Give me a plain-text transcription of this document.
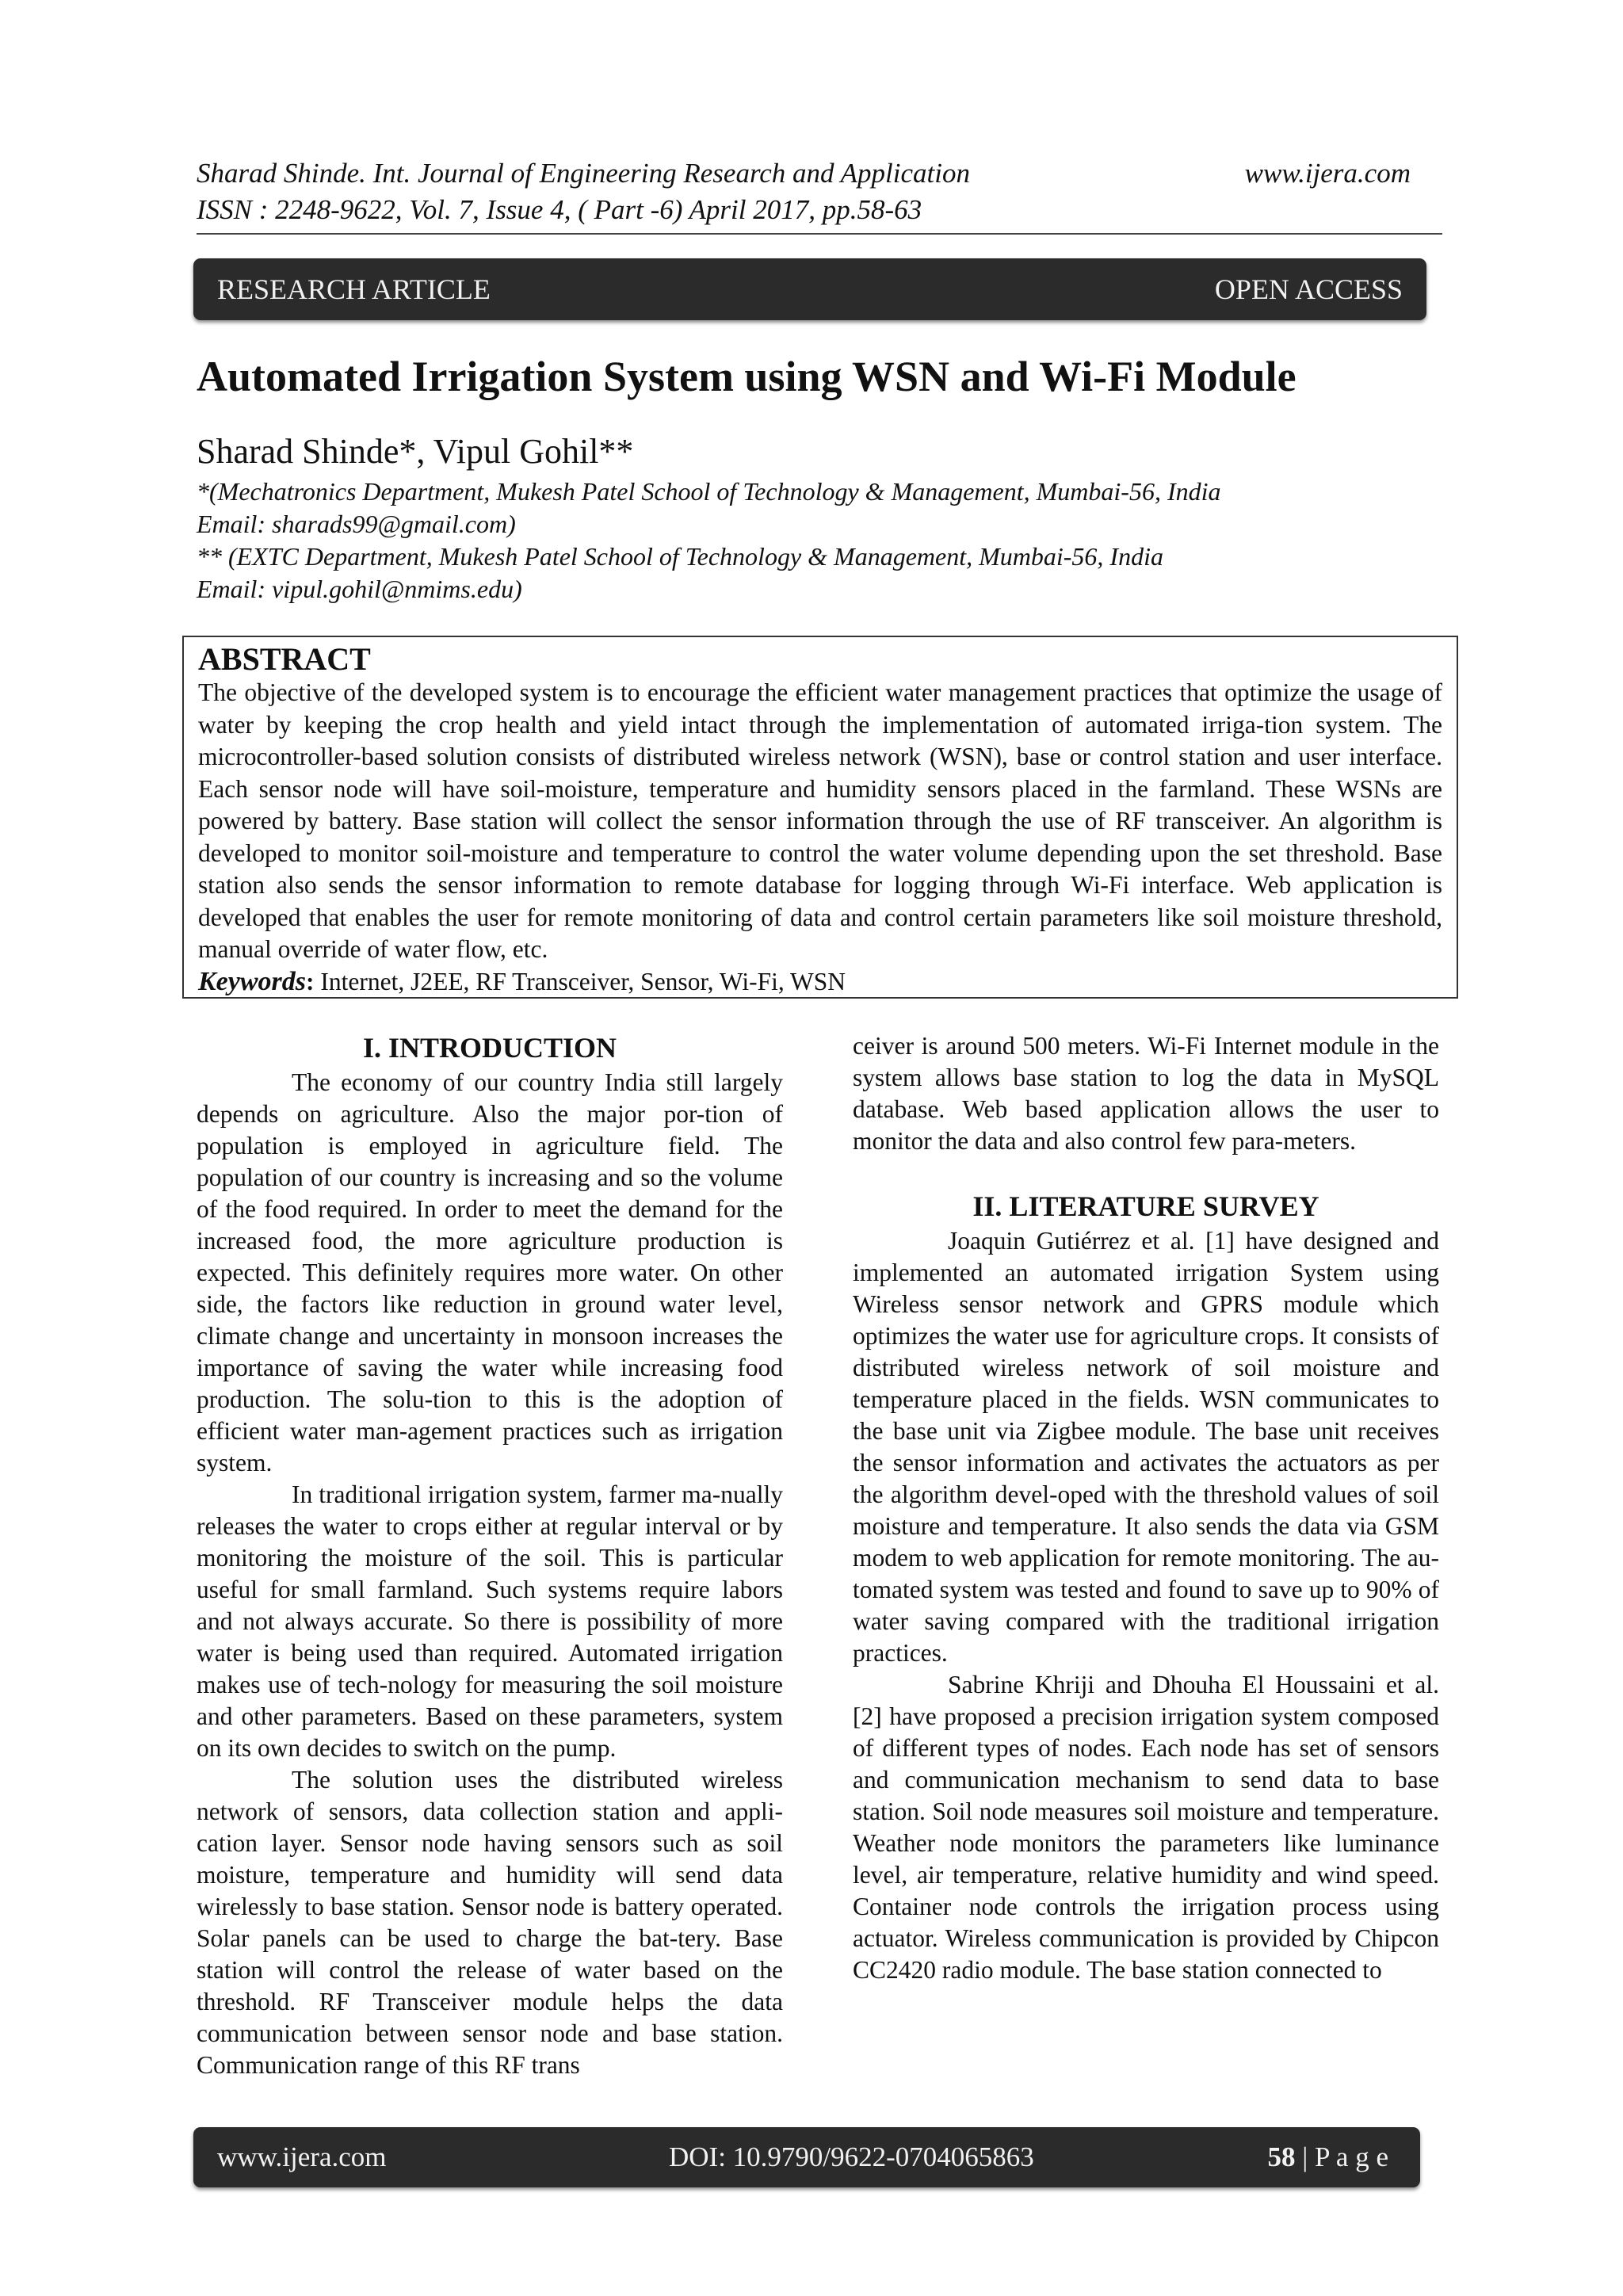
Sharad Shinde. Int. Journal of Engineering Research and Application	www.ijera.com
ISSN : 2248-9622, Vol. 7, Issue 4, ( Part -6) April 2017, pp.58-63
RESEARCH ARTICLE	OPEN ACCESS
Automated Irrigation System using WSN and Wi-Fi Module
Sharad Shinde*, Vipul Gohil**
*(Mechatronics Department, Mukesh Patel School of Technology & Management, Mumbai-56, India
Email: sharads99@gmail.com)
** (EXTC Department, Mukesh Patel School of Technology & Management, Mumbai-56, India
Email: vipul.gohil@nmims.edu)
ABSTRACT

The objective of the developed system is to encourage the efficient water management practices that optimize the usage of water by keeping the crop health and yield intact through the implementation of automated irriga-tion system. The microcontroller-based solution consists of distributed wireless network (WSN), base or control station and user interface. Each sensor node will have soil-moisture, temperature and humidity sensors placed in the farmland. These WSNs are powered by battery. Base station will collect the sensor information through the use of RF transceiver. An algorithm is developed to monitor soil-moisture and temperature to control the water volume depending upon the set threshold. Base station also sends the sensor information to remote database for logging through Wi-Fi interface. Web application is developed that enables the user for remote monitoring of data and control certain parameters like soil moisture threshold, manual override of water flow, etc.

Keywords: Internet, J2EE, RF Transceiver, Sensor, Wi-Fi, WSN
I. INTRODUCTION

The economy of our country India still largely depends on agriculture. Also the major por-tion of population is employed in agriculture field. The population of our country is increasing and so the volume of the food required. In order to meet the demand for the increased food, the more agriculture production is expected. This definitely requires more water. On other side, the factors like reduction in ground water level, climate change and uncertainty in monsoon increases the importance of saving the water while increasing food production. The solu-tion to this is the adoption of efficient water man-agement practices such as irrigation system.

In traditional irrigation system, farmer ma-nually releases the water to crops either at regular interval or by monitoring the moisture of the soil. This is particular useful for small farmland. Such systems require labors and not always accurate. So there is possibility of more water is being used than required. Automated irrigation makes use of tech-nology for measuring the soil moisture and other parameters. Based on these parameters, system on its own decides to switch on the pump.

The solution uses the distributed wireless network of sensors, data collection station and appli-cation layer. Sensor node having sensors such as soil moisture, temperature and humidity will send data wirelessly to base station. Sensor node is battery operated. Solar panels can be used to charge the bat-tery. Base station will control the release of water based on the threshold. RF Transceiver module helps the data communication between sensor node and base station. Communication range of this RF trans

ceiver is around 500 meters. Wi-Fi Internet module in the system allows base station to log the data in MySQL database. Web based application allows the user to monitor the data and also control few para-meters.

II. LITERATURE SURVEY

Joaquin Gutiérrez et al. [1] have designed and implemented an automated irrigation System using Wireless sensor network and GPRS module which optimizes the water use for agriculture crops. It consists of distributed wireless network of soil moisture and temperature placed in the fields. WSN communicates to the base unit via Zigbee module. The base unit receives the sensor information and activates the actuators as per the algorithm devel-oped with the threshold values of soil moisture and temperature. It also sends the data via GSM modem to web application for remote monitoring. The au-tomated system was tested and found to save up to 90% of water saving compared with the traditional irrigation practices.

Sabrine Khriji and Dhouha El Houssaini et al. [2] have proposed a precision irrigation system composed of different types of nodes. Each node has set of sensors and communication mechanism to send data to base station. Soil node measures soil moisture and temperature. Weather node monitors the parameters like luminance level, air temperature, relative humidity and wind speed. Container node controls the irrigation process using actuator. Wireless communication is provided by Chipcon CC2420 radio module. The base station connected to

www.ijera.com	DOI: 10.9790/9622-0704065863	58 | P a g e
